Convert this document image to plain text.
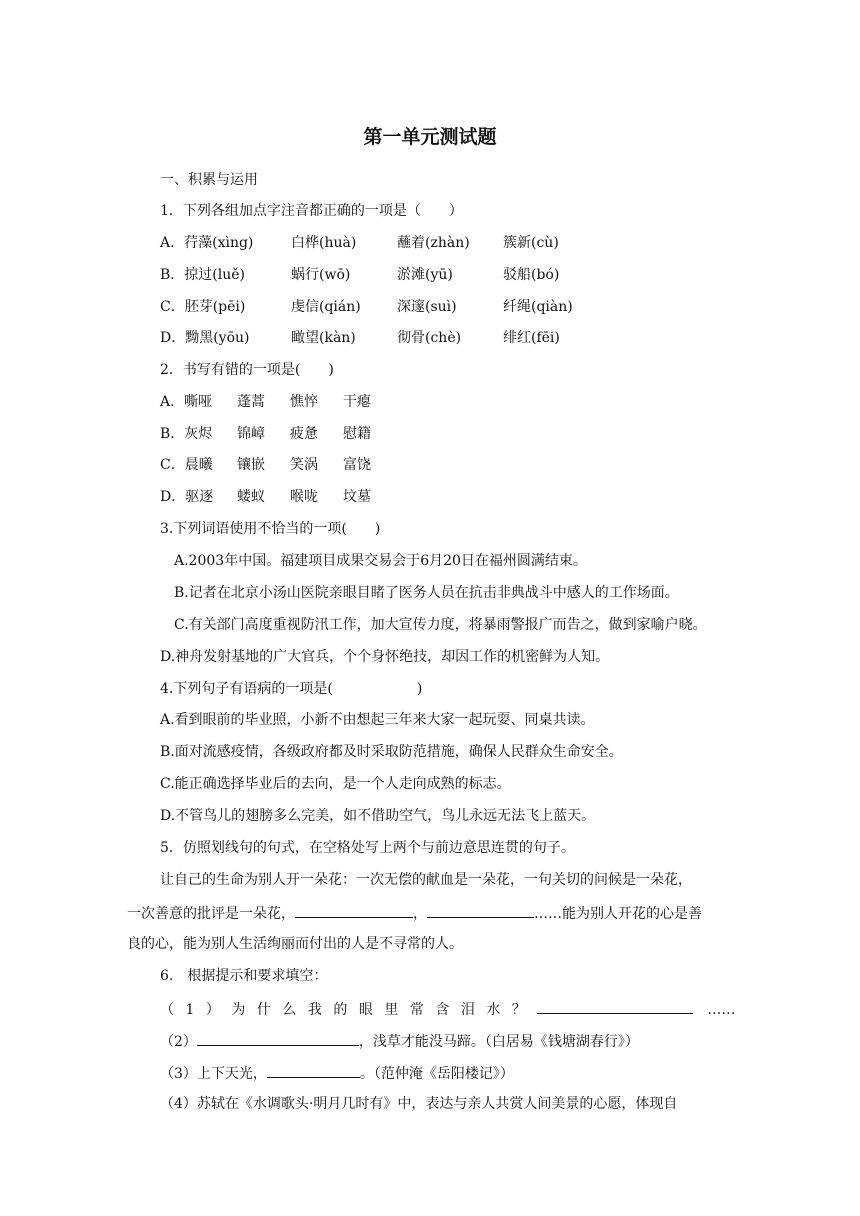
第一单元测试题
一、积累与运用
1．下列各组加点字注音都正确的一项是（　　）
A．荇藻(xìng)	白桦(huà)	蘸着(zhàn) 簇新(cù)
B．掠过(luě)	蜗行(wō)	淤滩(yū)	驳船(bó)
C．胚芽(pēi)	虔信(qián)	深邃(suì)	纤绳(qiàn)
D．黝黑(yōu)	瞰望(kàn)	彻骨(chè)	绯红(fēi)
2．书写有错的一项是(　　)
A．嘶哑 蓬蒿 憔悴 干瘪
B．灰烬 锦嶂 疲惫 慰籍
C．晨曦 镶嵌 笑涡 富饶
D．驱逐 蝼蚁 喉咙 坟墓
3.下列词语使用不恰当的一项(　　)
A.2003年中国。福建项目成果交易会于6月20日在福州圆满结束。
B.记者在北京小汤山医院亲眼目睹了医务人员在抗击非典战斗中感人的工作场面。
C.有关部门高度重视防汛工作，加大宣传力度，将暴雨警报广而告之，做到家喻户晓。
D.神舟发射基地的广大官兵，个个身怀绝技，却因工作的机密鲜为人知。
4.下列句子有语病的一项是(　　　　　　)
A.看到眼前的毕业照，小新不由想起三年来大家一起玩耍、同桌共读。
B.面对流感疫情，各级政府都及时采取防范措施，确保人民群众生命安全。
C.能正确选择毕业后的去向，是一个人走向成熟的标志。
D.不管鸟儿的翅膀多么完美，如不借助空气，鸟儿永远无法飞上蓝天。
5．仿照划线句的句式，在空格处写上两个与前边意思连贯的句子。
让自己的生命为别人开一朵花：一次无偿的献血是一朵花，一句关切的问候是一朵花，
一次善意的批评是一朵花，	，	……能为别人开花的心是善
良的心，能为别人生活绚丽而付出的人是不寻常的人。
6.　根据提示和要求填空：
（1）为什么我的眼里常含泪水？	……
（2）	，浅草才能没马蹄。（白居易《钱塘湖春行》）
（3）上下天光，	。（范仲淹《岳阳楼记》）
（4）苏轼在《水调歌头·明月几时有》中，表达与亲人共赏人间美景的心愿，体现自
